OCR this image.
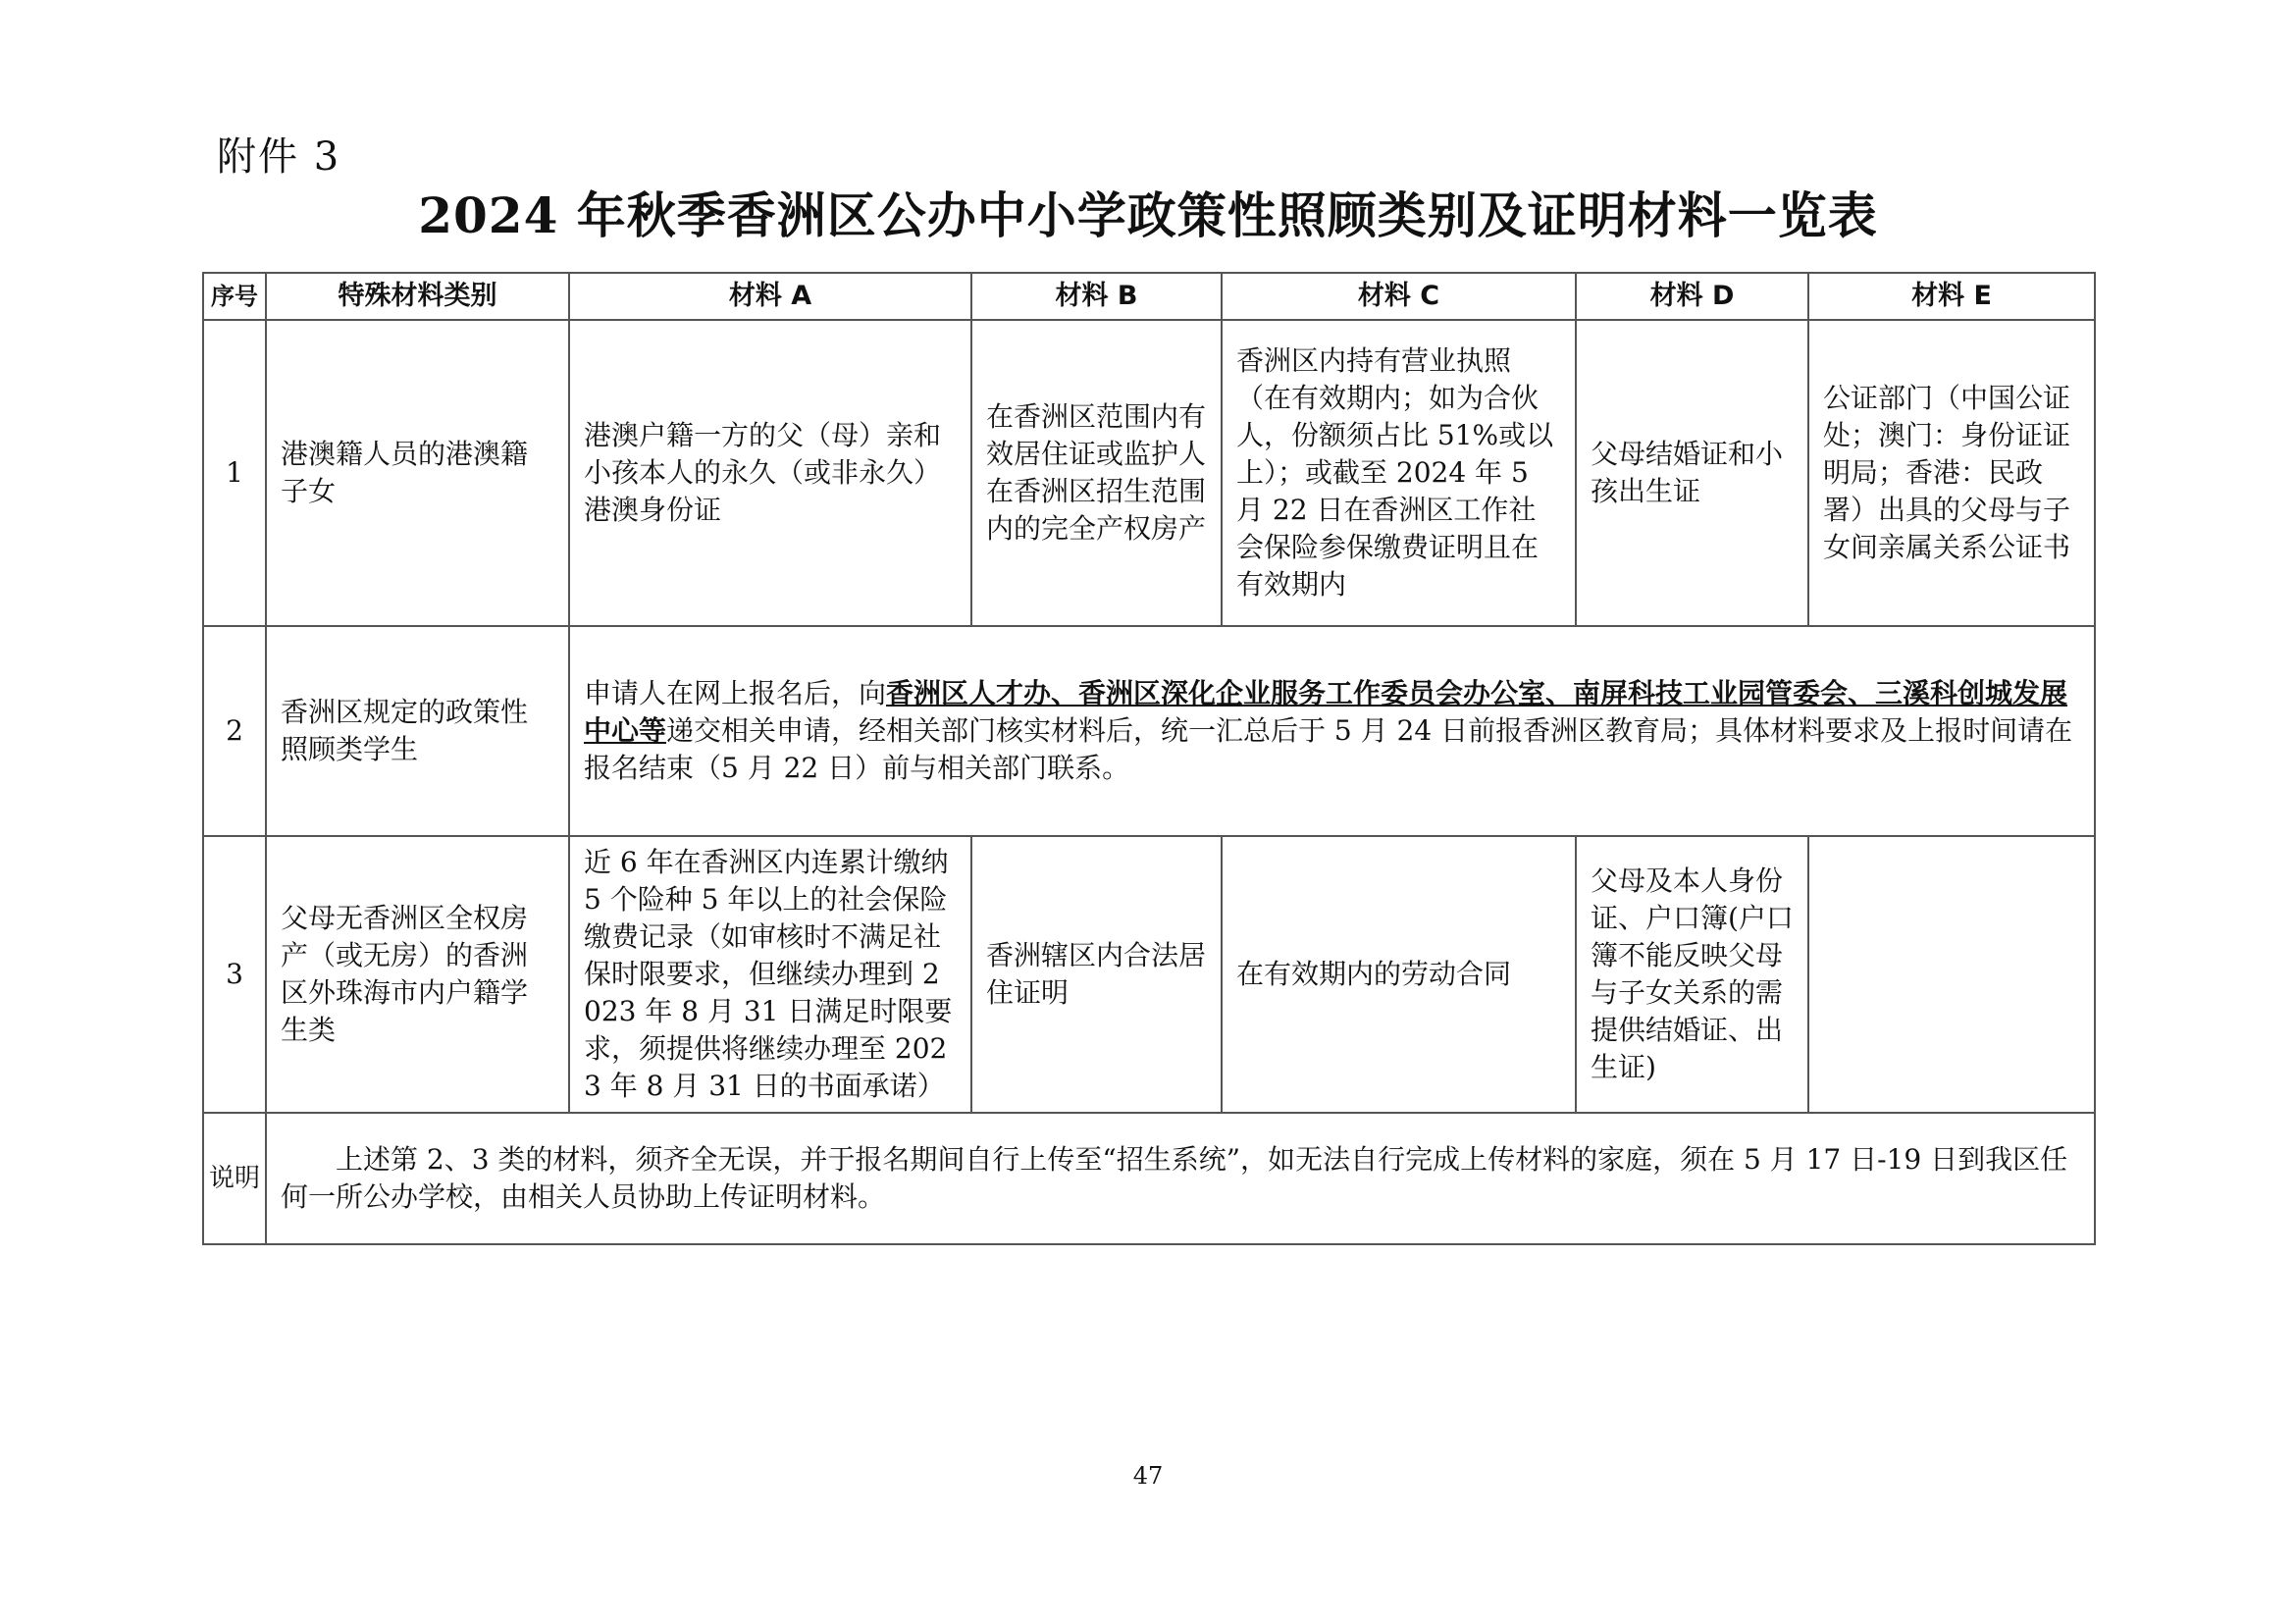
附件 3
2024 年秋季香洲区公办中小学政策性照顾类别及证明材料一览表
序号	特殊材料类别	材料 A	材料 B	材料 C	材料 D	材料 E
1	港澳籍人员的港澳籍子女	港澳户籍一方的父（母）亲和小孩本人的永久（或非永久）港澳身份证	在香洲区范围内有效居住证或监护人在香洲区招生范围内的完全产权房产	香洲区内持有营业执照（在有效期内；如为合伙人，份额须占比 51%或以上）；或截至 2024 年 5 月 22 日在香洲区工作社会保险参保缴费证明且在有效期内	父母结婚证和小孩出生证	公证部门（中国公证处；澳门：身份证证明局；香港：民政署）出具的父母与子女间亲属关系公证书
2	香洲区规定的政策性照顾类学生	申请人在网上报名后，向香洲区人才办、香洲区深化企业服务工作委员会办公室、南屏科技工业园管委会、三溪科创城发展中心等递交相关申请，经相关部门核实材料后，统一汇总后于 5 月 24 日前报香洲区教育局；具体材料要求及上报时间请在报名结束（5 月 22 日）前与相关部门联系。				
3	父母无香洲区全权房产（或无房）的香洲区外珠海市内户籍学生类	近 6 年在香洲区内连累计缴纳 5 个险种 5 年以上的社会保险缴费记录（如审核时不满足社保时限要求，但继续办理到 2023 年 8 月 31 日满足时限要求，须提供将继续办理至 2023 年 8 月 31 日的书面承诺）	香洲辖区内合法居住证明	在有效期内的劳动合同	父母及本人身份证、户口簿(户口簿不能反映父母与子女关系的需提供结婚证、出生证)	
说明	上述第 2、3 类的材料，须齐全无误，并于报名期间自行上传至“招生系统”，如无法自行完成上传材料的家庭，须在 5 月 17 日-19 日到我区任何一所公办学校，由相关人员协助上传证明材料。					
47
